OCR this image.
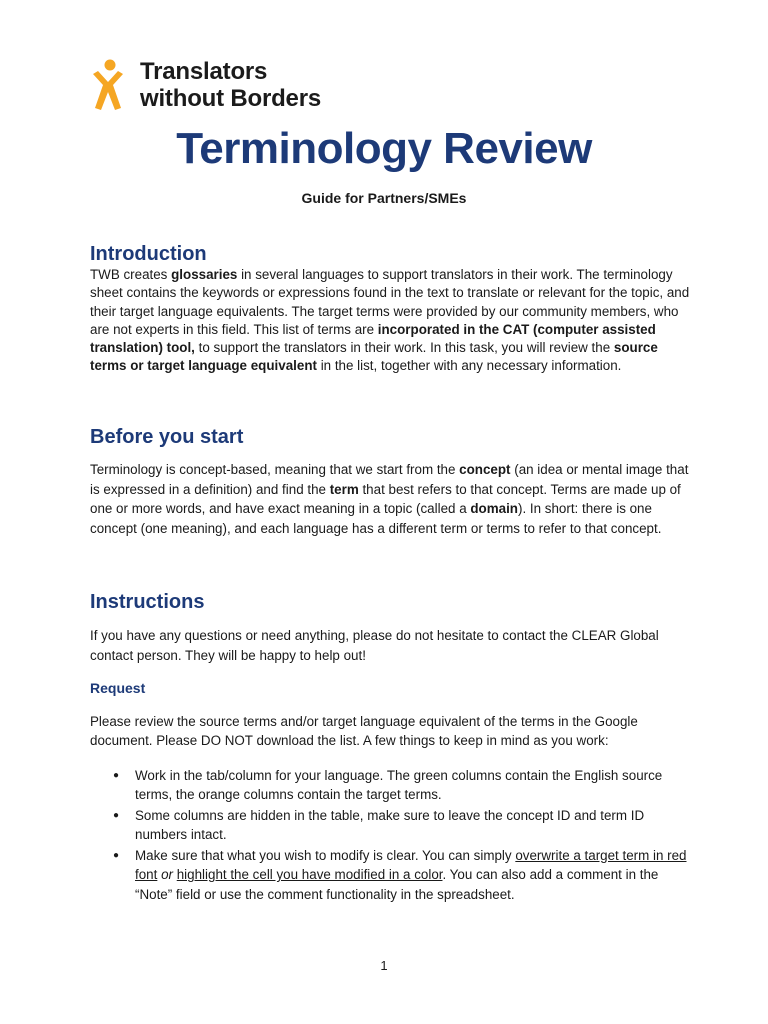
Translators
without Borders
Terminology Review
Guide for Partners/SMEs
Introduction

TWB creates glossaries in several languages to support translators in their work. The terminology sheet contains the keywords or expressions found in the text to translate or relevant for the topic, and their target language equivalents. The target terms were provided by our community members, who are not experts in this field. This list of terms are incorporated in the CAT (computer assisted translation) tool, to support the translators in their work. In this task, you will review the source terms or target language equivalent in the list, together with any necessary information.

Before you start

Terminology is concept-based, meaning that we start from the concept (an idea or mental image that is expressed in a definition) and find the term that best refers to that concept. Terms are made up of one or more words, and have exact meaning in a topic (called a domain). In short: there is one concept (one meaning), and each language has a different term or terms to refer to that concept.

Instructions

If you have any questions or need anything, please do not hesitate to contact the CLEAR Global contact person. They will be happy to help out!

Request

Please review the source terms and/or target language equivalent of the terms in the Google document. Please DO NOT download the list. A few things to keep in mind as you work:

● Work in the tab/column for your language. The green columns contain the English source terms, the orange columns contain the target terms.
● Some columns are hidden in the table, make sure to leave the concept ID and term ID numbers intact.
● Make sure that what you wish to modify is clear. You can simply overwrite a target term in red font or highlight the cell you have modified in a color. You can also add a comment in the “Note” field or use the comment functionality in the spreadsheet.
1
